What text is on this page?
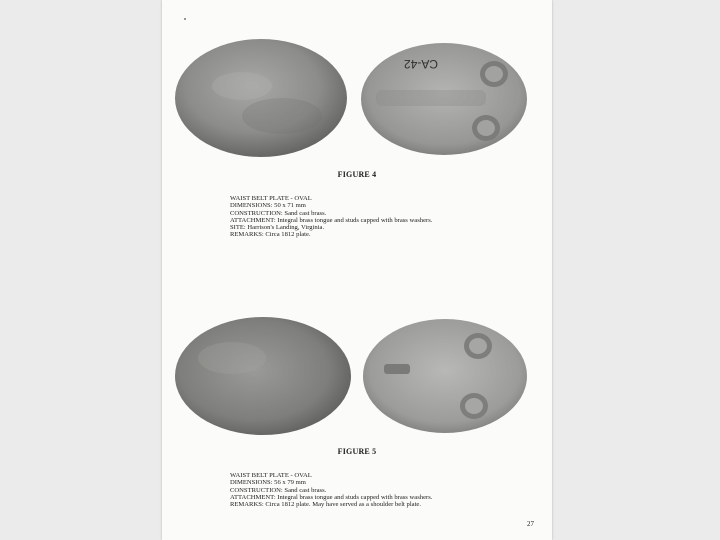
CA-42
FIGURE 4
WAIST BELT PLATE - OVAL
DIMENSIONS: 50 x 71 mm
CONSTRUCTION: Sand cast brass.
ATTACHMENT: Integral brass tongue and studs capped with brass washers.
SITE: Harrison's Landing, Virginia.
REMARKS: Circa 1812 plate.
FIGURE 5
WAIST BELT PLATE - OVAL
DIMENSIONS: 56 x 79 mm
CONSTRUCTION: Sand cast brass.
ATTACHMENT: Integral brass tongue and studs capped with brass washers.
REMARKS: Circa 1812 plate. May have served as a shoulder belt plate.
27
